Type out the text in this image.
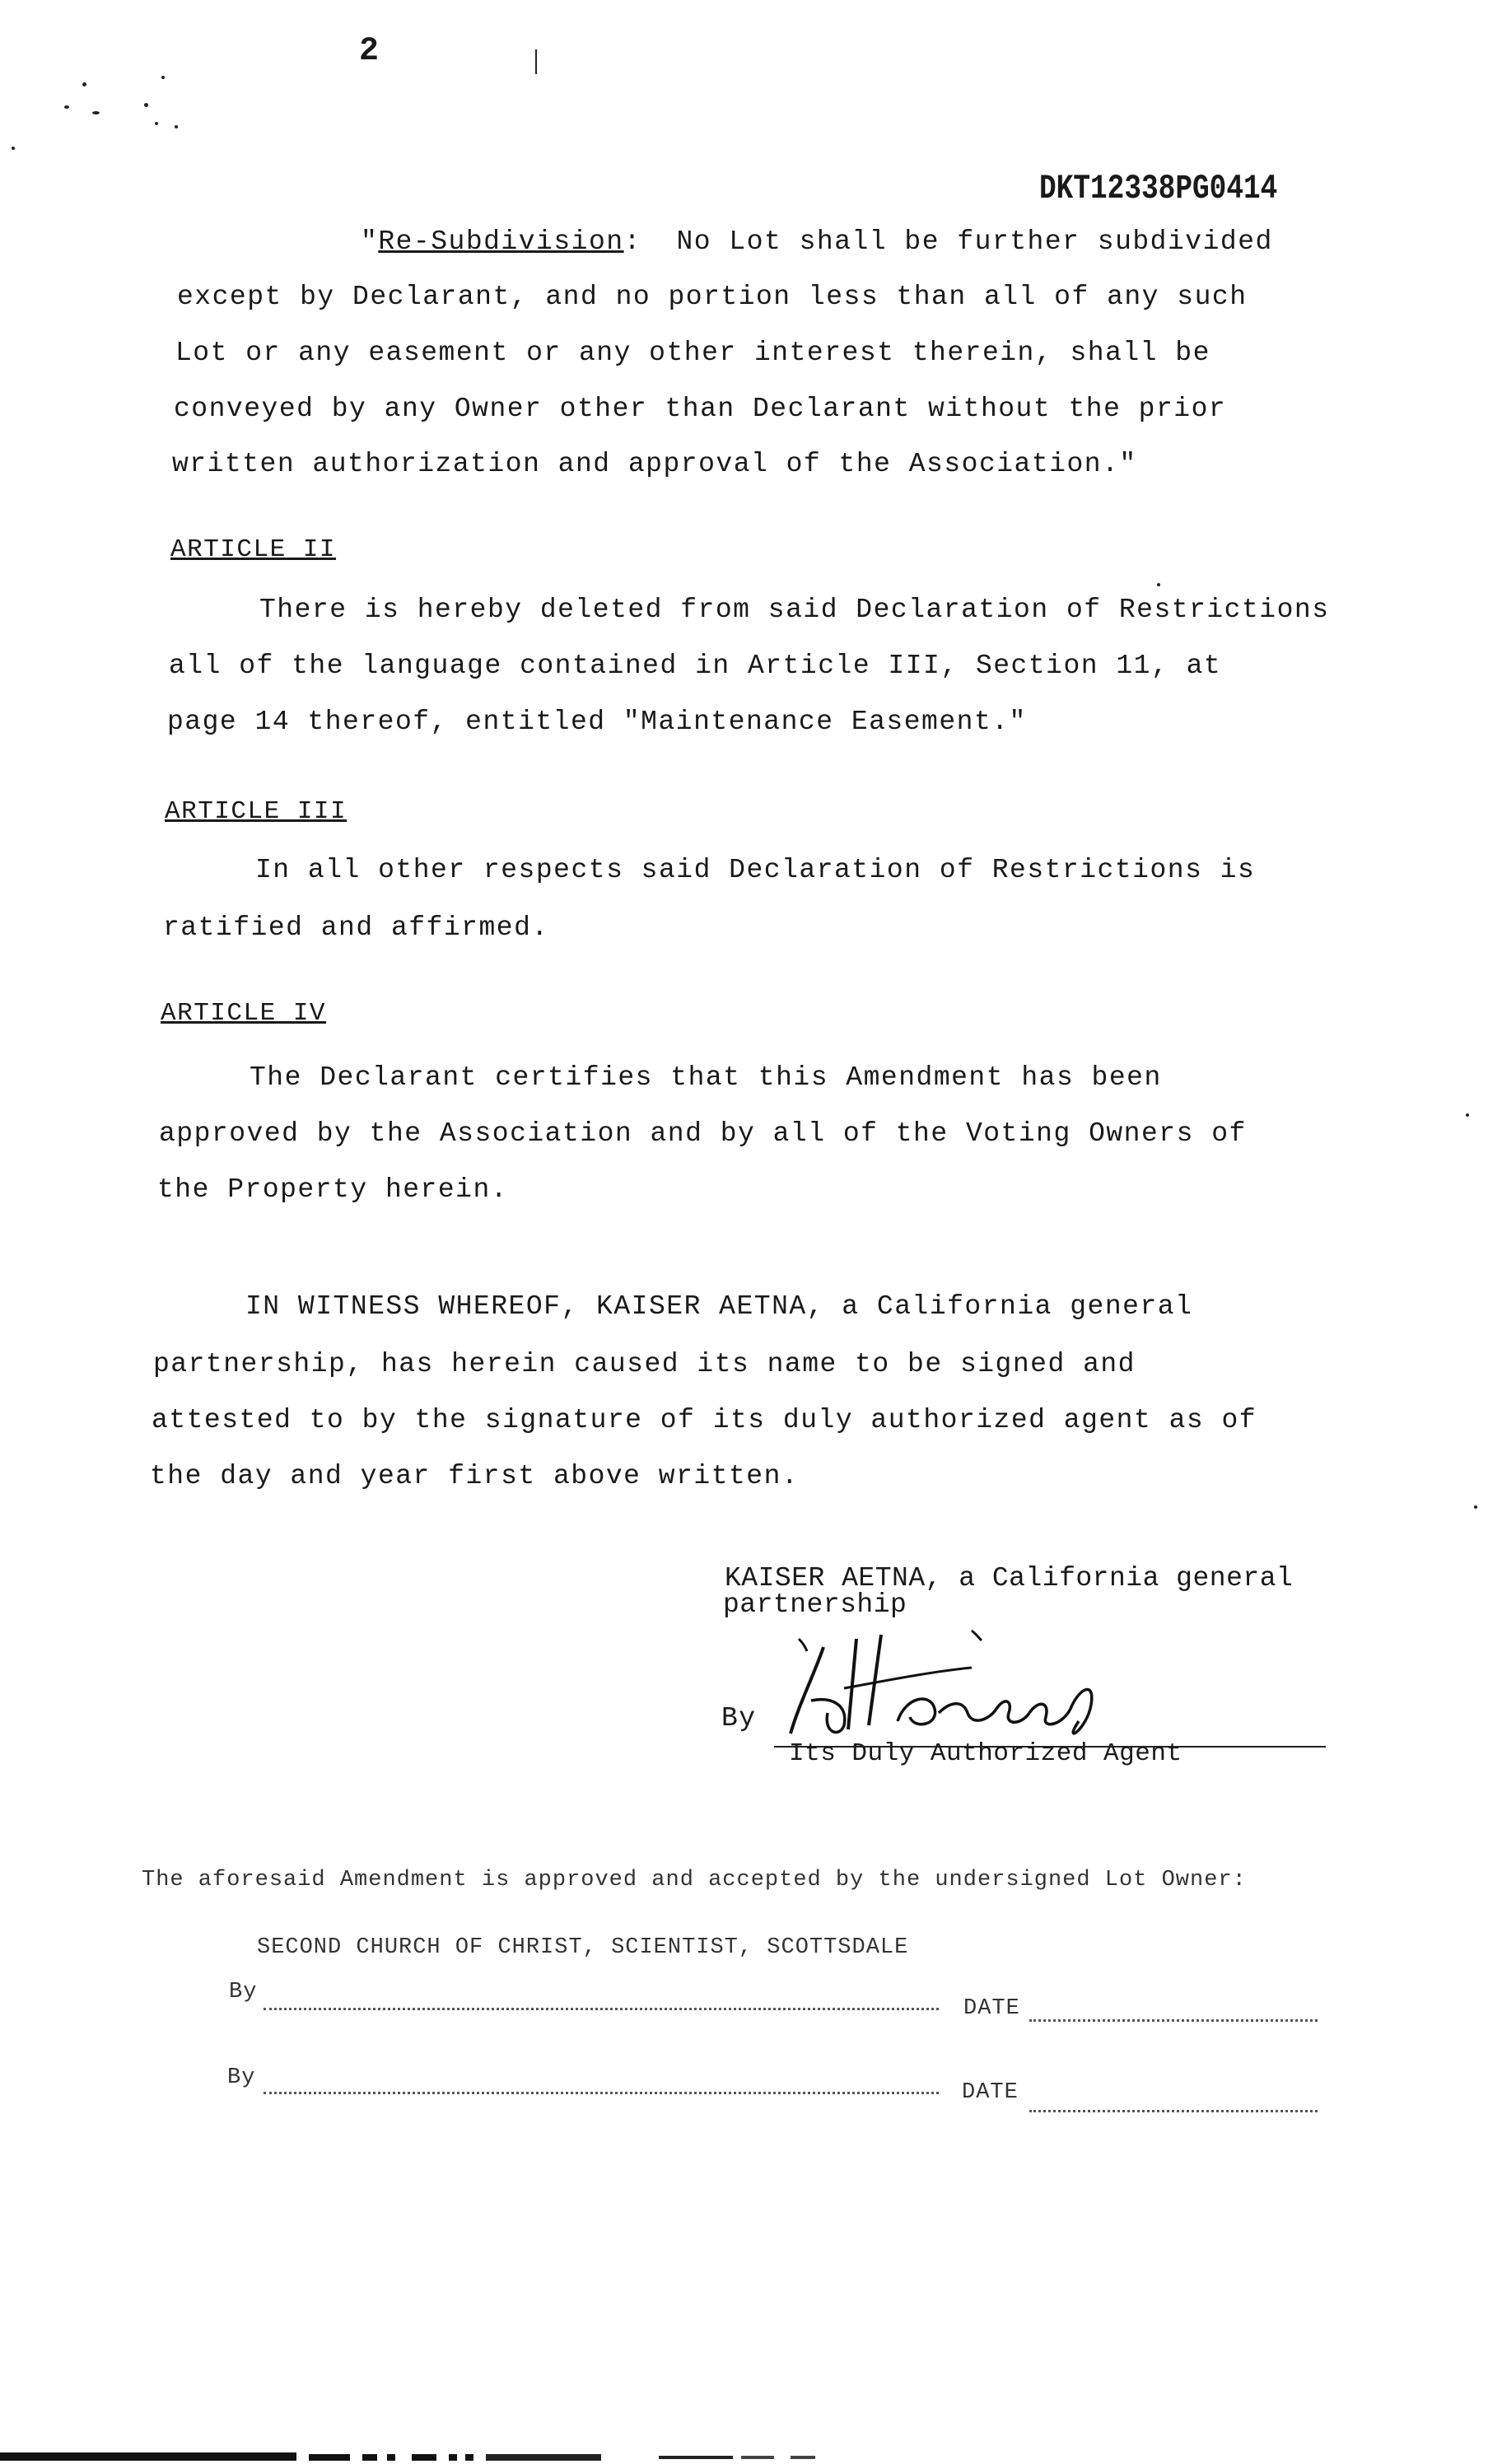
2
DKT12338PG0414
"Re-Subdivision:  No Lot shall be further subdivided
except by Declarant, and no portion less than all of any such
Lot or any easement or any other interest therein, shall be
conveyed by any Owner other than Declarant without the prior
written authorization and approval of the Association."
ARTICLE II
There is hereby deleted from said Declaration of Restrictions
all of the language contained in Article III, Section 11, at
page 14 thereof, entitled "Maintenance Easement."
ARTICLE III
In all other respects said Declaration of Restrictions is
ratified and affirmed.
ARTICLE IV
The Declarant certifies that this Amendment has been
approved by the Association and by all of the Voting Owners of
the Property herein.
IN WITNESS WHEREOF, KAISER AETNA, a California general
partnership, has herein caused its name to be signed and
attested to by the signature of its duly authorized agent as of
the day and year first above written.
KAISER AETNA, a California general
partnership
By
Its Duly Authorized Agent
The aforesaid Amendment is approved and accepted by the undersigned Lot Owner:
SECOND CHURCH OF CHRIST, SCIENTIST, SCOTTSDALE
By
DATE
By
DATE
